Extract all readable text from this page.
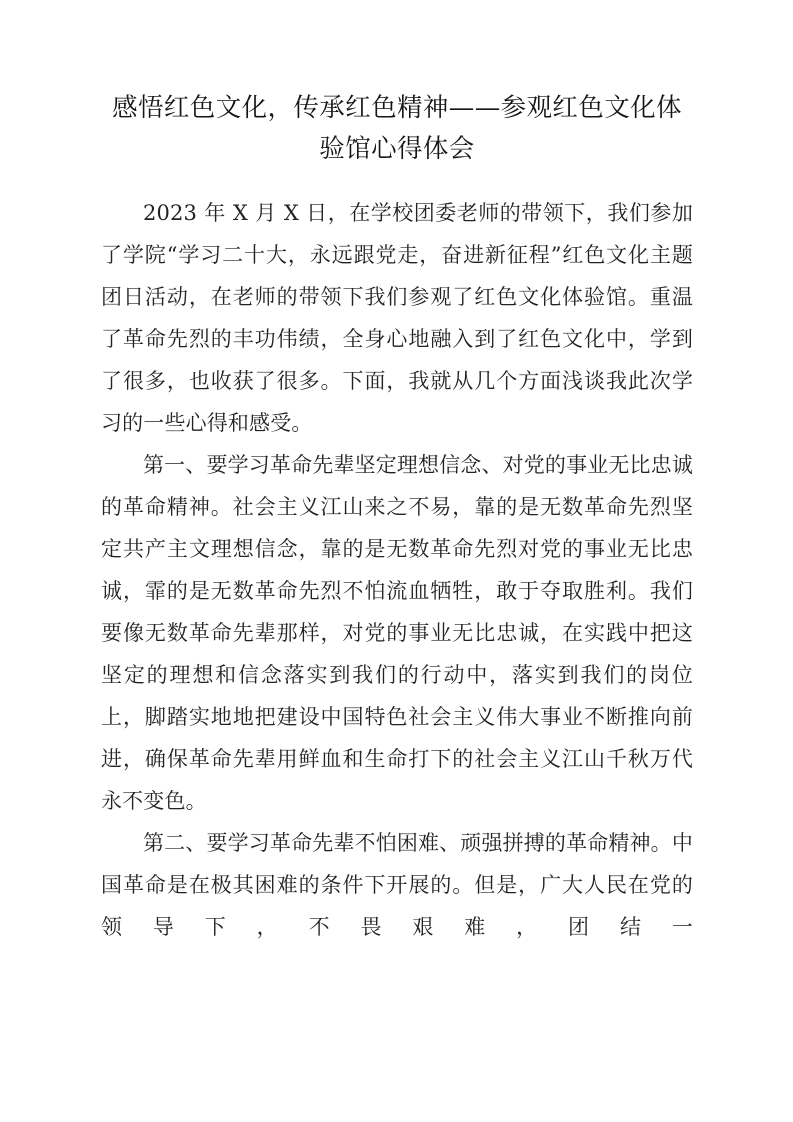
感悟红色文化，传承红色精神——参观红色文化体
验馆心得体会

2023 年 X 月 X 日，在学校团委老师的带领下，我们参加了学院“学习二十大，永远跟党走，奋进新征程”红色文化主题团日活动，在老师的带领下我们参观了红色文化体验馆。重温了革命先烈的丰功伟绩，全身心地融入到了红色文化中，学到了很多，也收获了很多。下面，我就从几个方面浅谈我此次学习的一些心得和感受。

第一、要学习革命先辈坚定理想信念、对党的事业无比忠诚的革命精神。社会主义江山来之不易，靠的是无数革命先烈坚定共产主文理想信念，靠的是无数革命先烈对党的事业无比忠诚，霏的是无数革命先烈不怕流血牺牲，敢于夺取胜利。我们要像无数革命先辈那样，对党的事业无比忠诚，在实践中把这坚定的理想和信念落实到我们的行动中，落实到我们的岗位上，脚踏实地地把建设中国特色社会主义伟大事业不断推向前进，确保革命先辈用鲜血和生命打下的社会主义江山千秋万代永不变色。

第二、要学习革命先辈不怕困难、顽强拼搏的革命精神。中国革命是在极其困难的条件下开展的。但是，广大人民在党的领导下，不畏艰难，团结一
